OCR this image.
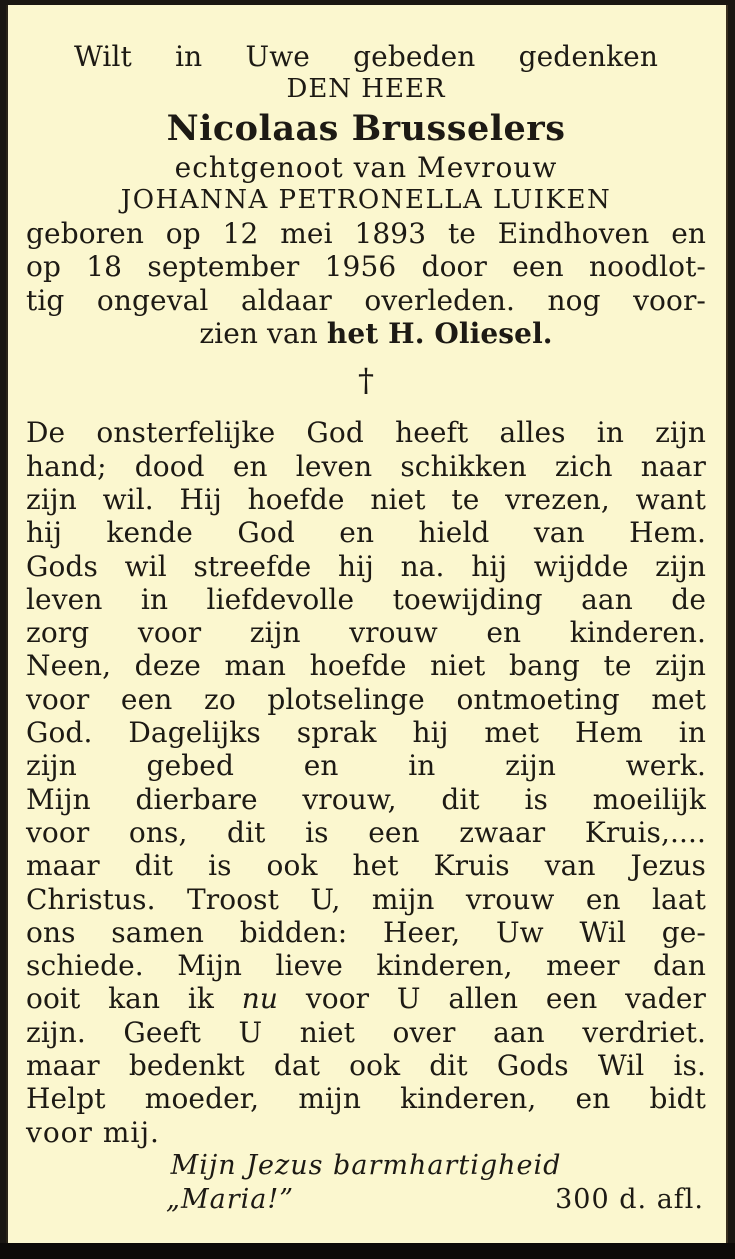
Wilt in Uwe gebeden gedenken
DEN HEER
Nicolaas Brusselers
echtgenoot van Mevrouw
JOHANNA PETRONELLA LUIKEN
geboren op 12 mei 1893 te Eindhoven en
op 18 september 1956 door een noodlot-
tig ongeval aldaar overleden. nog voor-
zien van het H. Oliesel.
†
De onsterfelijke God heeft alles in zijn
hand; dood en leven schikken zich naar
zijn wil. Hij hoefde niet te vrezen, want
hij kende God en hield van Hem.
Gods wil streefde hij na. hij wijdde zijn
leven in liefdevolle toewijding aan de
zorg voor zijn vrouw en kinderen.
Neen, deze man hoefde niet bang te zijn
voor een zo plotselinge ontmoeting met
God. Dagelijks sprak hij met Hem in
zijn gebed en in zijn werk.
Mijn dierbare vrouw, dit is moeilijk
voor ons, dit is een zwaar Kruis,....
maar dit is ook het Kruis van Jezus
Christus. Troost U, mijn vrouw en laat
ons samen bidden: Heer, Uw Wil ge-
schiede. Mijn lieve kinderen, meer dan
ooit kan ik nu voor U allen een vader
zijn. Geeft U niet over aan verdriet.
maar bedenkt dat ook dit Gods Wil is.
Helpt moeder, mijn kinderen, en bidt
voor mij.
Mijn Jezus barmhartigheid
„Maria!”	300 d. afl.
